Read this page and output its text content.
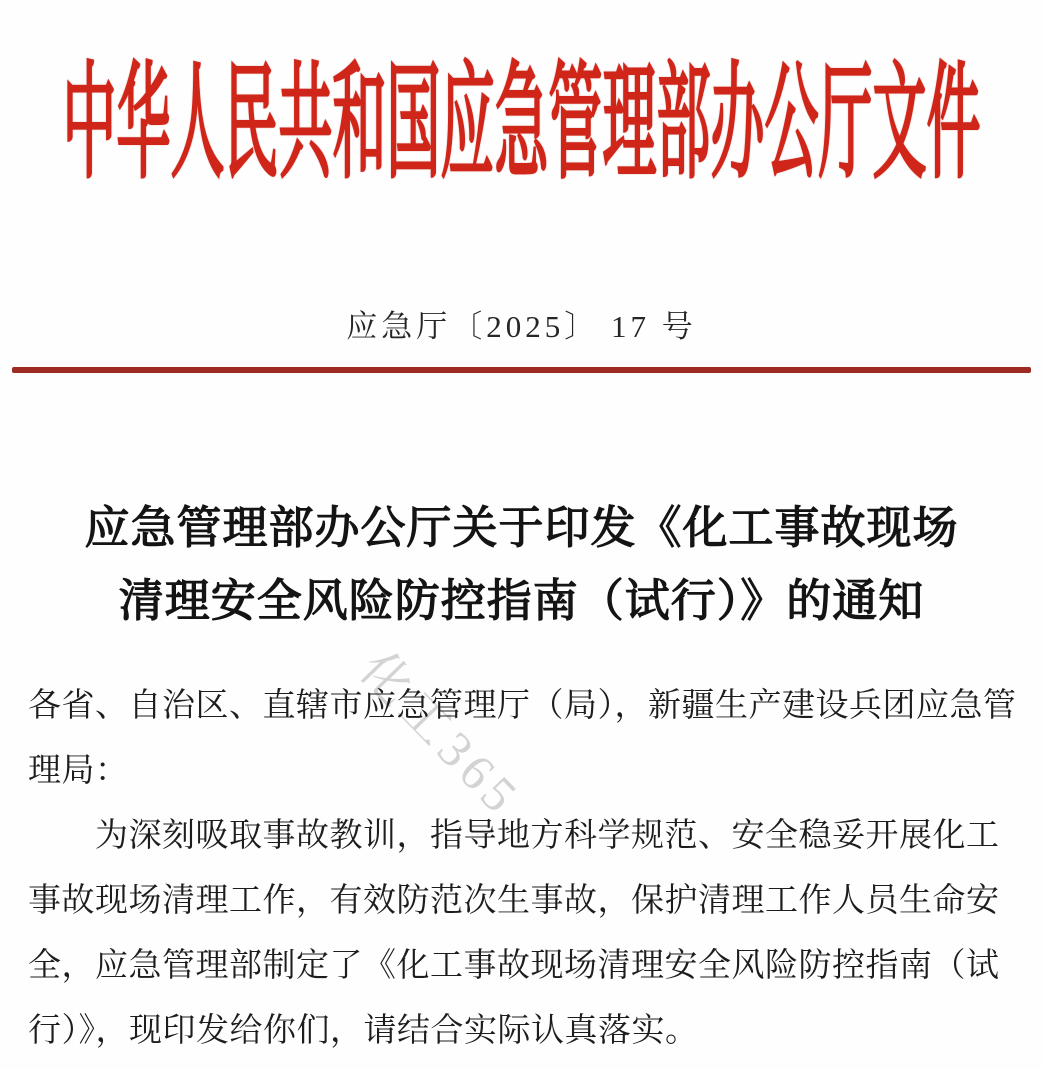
中华人民共和国应急管理部办公厅文件
应急厅〔2025〕 17 号
应急管理部办公厅关于印发《化工事故现场
清理安全风险防控指南（试行）》的通知
化工365
各省、自治区、直辖市应急管理厅（局），新疆生产建设兵团应急管
理局：
为深刻吸取事故教训，指导地方科学规范、安全稳妥开展化工
事故现场清理工作，有效防范次生事故，保护清理工作人员生命安
全，应急管理部制定了《化工事故现场清理安全风险防控指南（试
行）》，现印发给你们，请结合实际认真落实。
